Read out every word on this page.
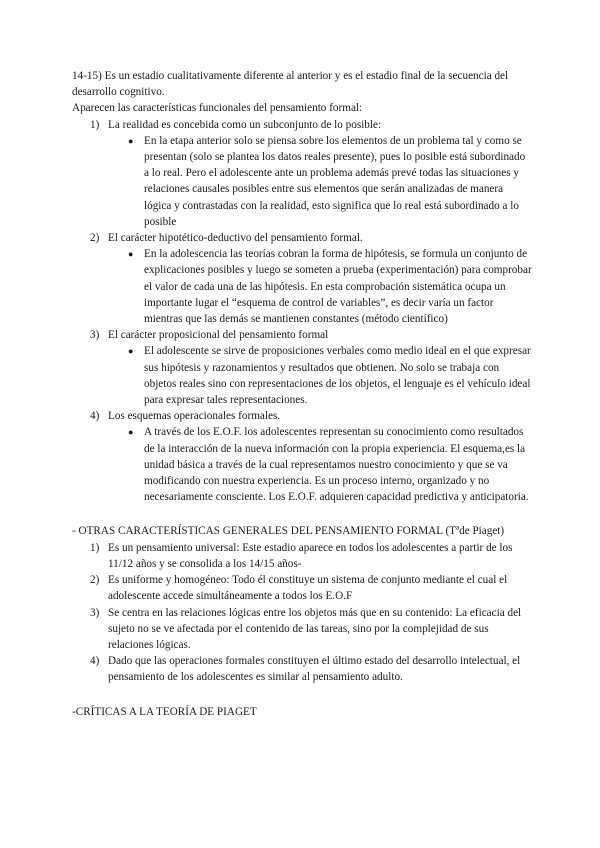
14-15) Es un estadio cualitativamente diferente al anterior y es el estadio final de la secuencia del desarrollo cognitivo.

Aparecen las características funcionales del pensamiento formal:

1) La realidad es concebida como un subconjunto de lo posible:
● En la etapa anterior solo se piensa sobre los elementos de un problema tal y como se presentan (solo se plantea los datos reales presente), pues lo posible está subordinado a lo real. Pero el adolescente ante un problema además prevé todas las situaciones y relaciones causales posibles entre sus elementos que serán analizadas de manera lógica y contrastadas con la realidad, esto significa que lo real está subordinado a lo posible
2) El carácter hipotético-deductivo del pensamiento formal.
● En la adolescencia las teorías cobran la forma de hipótesis, se formula un conjunto de explicaciones posibles y luego se someten a prueba (experimentación) para comprobar el valor de cada una de las hipótesis. En esta comprobación sistemática ocupa un importante lugar el “esquema de control de variables”, es decir varía un factor mientras que las demás se mantienen constantes (método científico)
3) El carácter proposicional del pensamiento formal
● El adolescente se sirve de proposiciones verbales como medio ideal en el que expresar sus hipótesis y razonamientos y resultados que obtienen. No solo se trabaja con objetos reales sino con representaciones de los objetos, el lenguaje es el vehículo ideal para expresar tales representaciones.
4) Los esquemas operacionales formales.
● A través de los E.O.F. los adolescentes representan su conocimiento como resultados de la interacción de la nueva información con la propia experiencia. El esquema,es la unidad básica a través de la cual representamos nuestro conocimiento y que se va modificando con nuestra experiencia. Es un proceso interno, organizado y no necesariamente consciente. Los E.O.F. adquieren capacidad predictiva y anticipatoria.

- OTRAS CARACTERÍSTICAS GENERALES DEL PENSAMIENTO FORMAL (Tªde Piaget)

1) Es un pensamiento universal: Este estadio aparece en todos los adolescentes a partir de los 11/12 años y se consolida a los 14/15 años-
2) Es uniforme y homogéneo: Todo él constituye un sistema de conjunto mediante el cual el adolescente accede simultáneamente a todos los E.O.F
3) Se centra en las relaciones lógicas entre los objetos más que en su contenido: La eficacia del sujeto no se ve afectada por el contenido de las tareas, sino por la complejidad de sus relaciones lógicas.
4) Dado que las operaciones formales constituyen el último estado del desarrollo intelectual, el pensamiento de los adolescentes es similar al pensamiento adulto.

-CRÍTICAS A LA TEORÍA DE PIAGET
